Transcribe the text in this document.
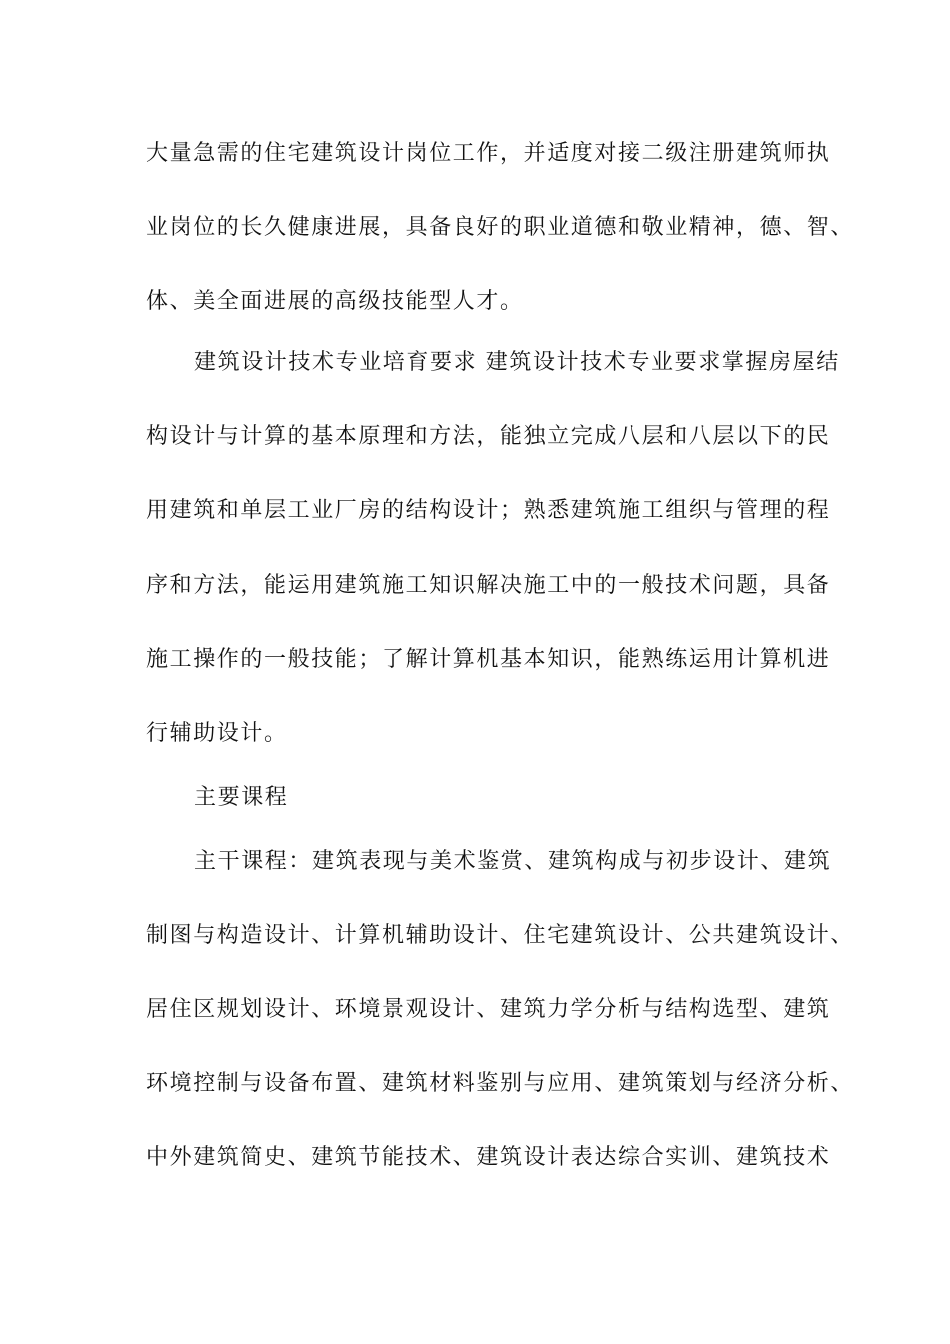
大量急需的住宅建筑设计岗位工作，并适度对接二级注册建筑师执
业岗位的长久健康进展，具备良好的职业道德和敬业精神，德、智、
体、美全面进展的高级技能型人才。
建筑设计技术专业培育要求 建筑设计技术专业要求掌握房屋结
构设计与计算的基本原理和方法，能独立完成八层和八层以下的民
用建筑和单层工业厂房的结构设计；熟悉建筑施工组织与管理的程
序和方法，能运用建筑施工知识解决施工中的一般技术问题，具备
施工操作的一般技能；了解计算机基本知识，能熟练运用计算机进
行辅助设计。
主要课程
主干课程：建筑表现与美术鉴赏、建筑构成与初步设计、建筑
制图与构造设计、计算机辅助设计、住宅建筑设计、公共建筑设计、
居住区规划设计、环境景观设计、建筑力学分析与结构选型、建筑
环境控制与设备布置、建筑材料鉴别与应用、建筑策划与经济分析、
中外建筑简史、建筑节能技术、建筑设计表达综合实训、建筑技术
